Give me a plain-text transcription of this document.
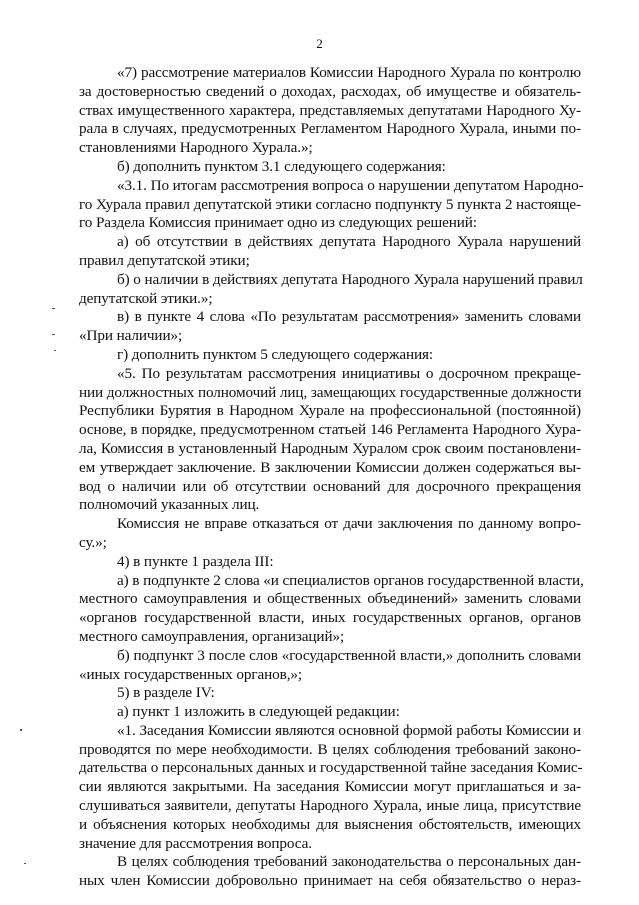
2
«7) рассмотрение материалов Комиссии Народного Хурала по контролю
за достоверностью сведений о доходах, расходах, об имуществе и обязатель-
ствах имущественного характера, представляемых депутатами Народного Ху-
рала в случаях, предусмотренных Регламентом Народного Хурала, иными по-
становлениями Народного Хурала.»;
б) дополнить пунктом 3.1 следующего содержания:
«3.1. По итогам рассмотрения вопроса о нарушении депутатом Народно-
го Хурала правил депутатской этики согласно подпункту 5 пункта 2 настояще-
го Раздела Комиссия принимает одно из следующих решений:
а) об отсутствии в действиях депутата Народного Хурала нарушений
правил депутатской этики;
б) о наличии в действиях депутата Народного Хурала нарушений правил
депутатской этики.»;
в) в пункте 4 слова «По результатам рассмотрения» заменить словами
«При наличии»;
г) дополнить пунктом 5 следующего содержания:
«5. По результатам рассмотрения инициативы о досрочном прекраще-
нии должностных полномочий лиц, замещающих государственные должности
Республики Бурятия в Народном Хурале на профессиональной (постоянной)
основе, в порядке, предусмотренном статьей 146 Регламента Народного Хура-
ла, Комиссия в установленный Народным Хуралом срок своим постановлени-
ем утверждает заключение. В заключении Комиссии должен содержаться вы-
вод о наличии или об отсутствии оснований для досрочного прекращения
полномочий указанных лиц.
Комиссия не вправе отказаться от дачи заключения по данному вопро-
су.»;
4) в пункте 1 раздела III:
а) в подпункте 2 слова «и специалистов органов государственной власти,
местного самоуправления и общественных объединений» заменить словами
«органов государственной власти, иных государственных органов, органов
местного самоуправления, организаций»;
б) подпункт 3 после слов «государственной власти,» дополнить словами
«иных государственных органов,»;
5) в разделе IV:
а) пункт 1 изложить в следующей редакции:
«1. Заседания Комиссии являются основной формой работы Комиссии и
проводятся по мере необходимости. В целях соблюдения требований законо-
дательства о персональных данных и государственной тайне заседания Комис-
сии являются закрытыми. На заседания Комиссии могут приглашаться и за-
слушиваться заявители, депутаты Народного Хурала, иные лица, присутствие
и объяснения которых необходимы для выяснения обстоятельств, имеющих
значение для рассмотрения вопроса.
В целях соблюдения требований законодательства о персональных дан-
ных член Комиссии добровольно принимает на себя обязательство о нераз-
